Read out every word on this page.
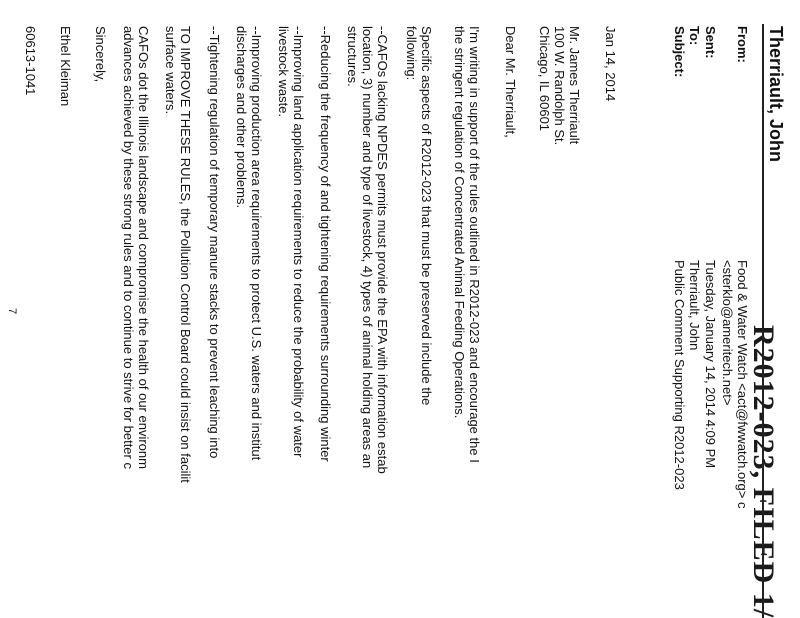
R2012-023, FILED 1/
Therriault, John
From:
Food & Water Watch <act@fwwatch.org> c
<sterklo@ameritech.net>
Sent:
Tuesday, January 14, 2014 4:09 PM
To:
Therriault, John
Subject:
Public Comment Supporting R2012-023
Jan 14, 2014
Mr. James Therriault
100 W. Randolph St.
Chicago, IL 60601
Dear Mr. Therriault,
I'm writing in support of the rules outlined in R2012-023 and encourage the I
the stringent regulation of Concentrated Animal Feeding Operations.
Specific aspects of R2012-023 that must be preserved include the
following:
--CAFOs lacking NPDES permits must provide the EPA with information estab
location, 3) number and type of livestock, 4) types of animal holding areas an
structures.
--Reducing the frequency of and tightening requirements surrounding winter
--Improving land application requirements to reduce the probability of water
livestock waste.
--Improving production area requirements to protect U.S. waters and institut
discharges and other problems.
--Tightening regulation of temporary manure stacks to prevent leaching into
TO IMPROVE THESE RULES, the Pollution Control Board could insist on facilit
surface waters.
CAFOs dot the Illinois landscape and compromise the health of our environm
advances achieved by these strong rules and to continue to strive for better c
Sincerely,
Ethel Kleiman
60613-1041
7
